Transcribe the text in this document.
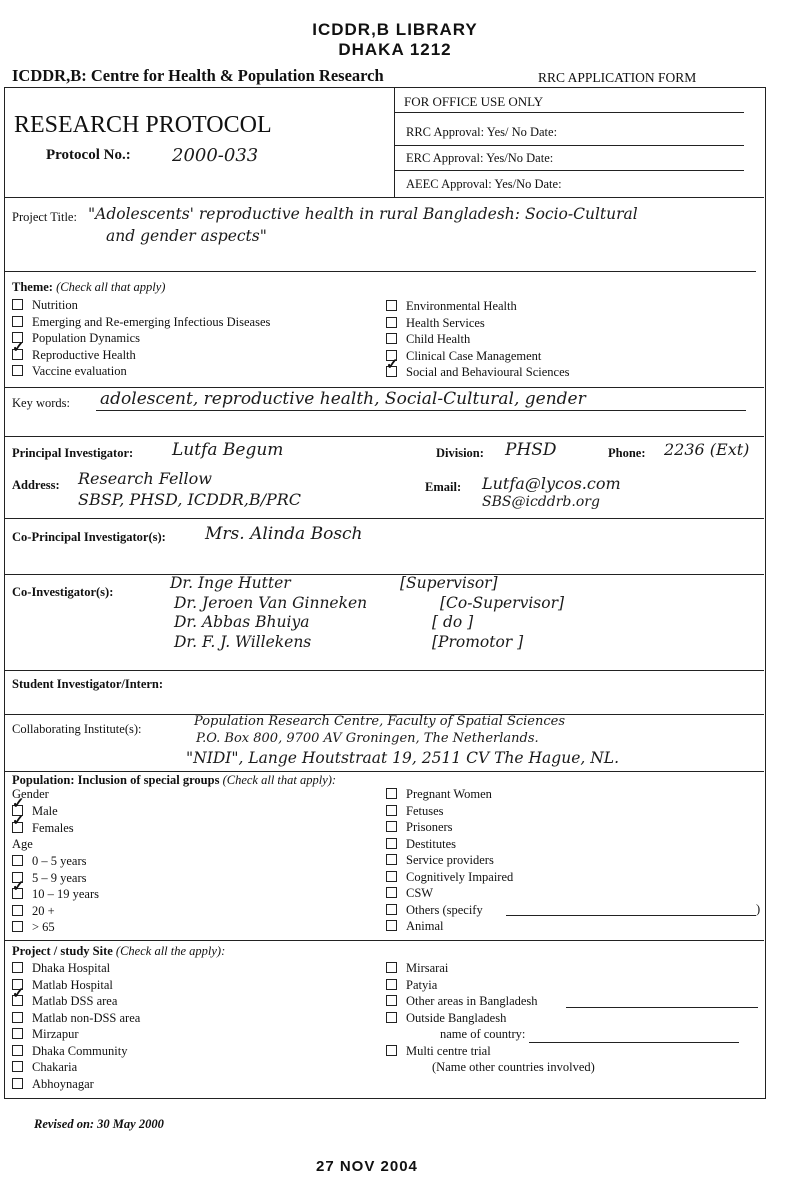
ICDDR,B LIBRARY
DHAKA 1212
ICDDR,B: Centre for Health & Population Research	RRC APPLICATION FORM
RESEARCH PROTOCOL
Protocol No.: 2000-033
FOR OFFICE USE ONLY
RRC Approval: Yes/ No Date:
ERC Approval: Yes/No Date:
AEEC Approval: Yes/No Date:
Project Title: "Adolescents' reproductive health in rural Bangladesh: Socio-Cultural
and gender aspects"
Theme: (Check all that apply)
Nutrition
Emerging and Re-emerging Infectious Diseases
Population Dynamics
✓Reproductive Health
Vaccine evaluation
Environmental Health
Health Services
Child Health
Clinical Case Management
✓Social and Behavioural Sciences
Key words: adolescent, reproductive health, Social-Cultural, gender
Principal Investigator: Lutfa Begum	Division: PHSD	Phone: 2236 (Ext)
Address: Research Fellow
SBSP, PHSD, ICDDR,B/PRC
Email: Lutfa@lycos.com
SBS@icddrb.org
Co-Principal Investigator(s): Mrs. Alinda Bosch
Co-Investigator(s):	Dr. Inge Hutter	[Supervisor]
Dr. Jeroen Van Ginneken	[Co-Supervisor]
Dr. Abbas Bhuiya	[ do ]
Dr. F. J. Willekens	[Promotor ]
Student Investigator/Intern:
Collaborating Institute(s):	Population Research Centre, Faculty of Spatial Sciences
P.O. Box 800, 9700 AV Groningen, The Netherlands.
"NIDI", Lange Houtstraat 19, 2511 CV The Hague, NL.
Population: Inclusion of special groups (Check all that apply):
Gender
✓Male
✓Females
Age
0 – 5 years
5 – 9 years
✓10 – 19 years
20 +
> 65
Pregnant Women
Fetuses
Prisoners
Destitutes
Service providers
Cognitively Impaired
CSW
Others (specify
Animal
)
Project / study Site (Check all the apply):
Dhaka Hospital
Matlab Hospital
✓Matlab DSS area
Matlab non-DSS area
Mirzapur
Dhaka Community
Chakaria
Abhoynagar
Mirsarai
Patyia
Other areas in Bangladesh
Outside Bangladesh
name of country:
Multi centre trial
(Name other countries involved)
Revised on: 30 May 2000
27 NOV 2004
